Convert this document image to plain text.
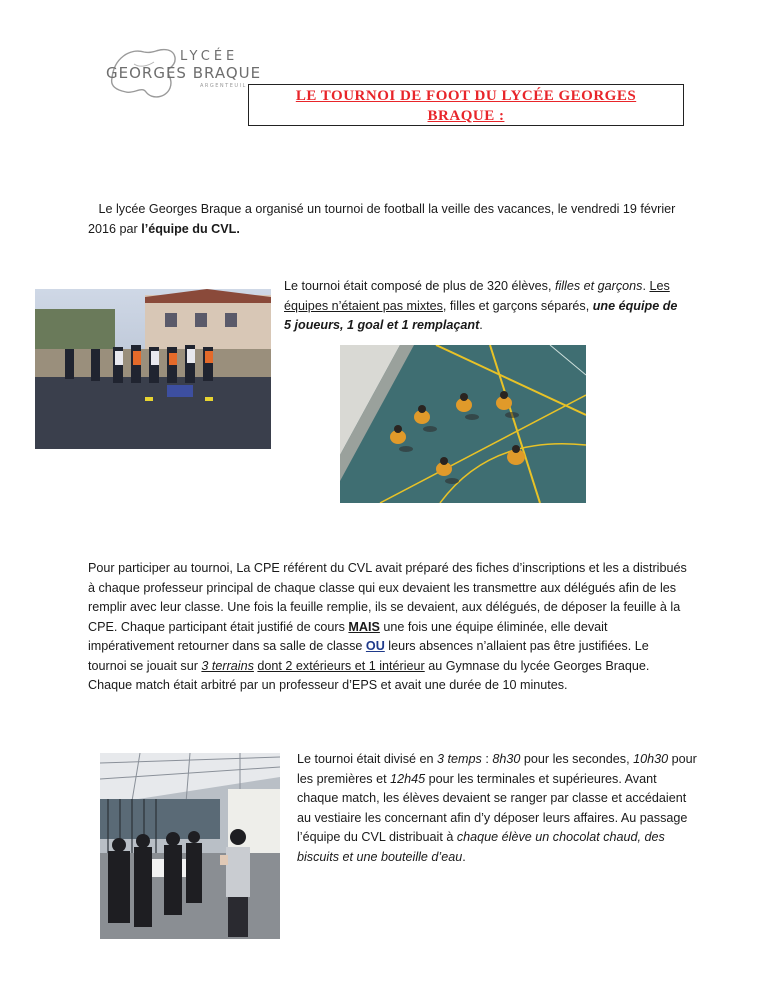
LYCÉE
GEORGES BRAQUE
ARGENTEUIL
LE TOURNOI DE FOOT DU LYCÉE GEORGES
BRAQUE :

Le lycée Georges Braque a organisé un tournoi de football la veille des vacances, le vendredi 19 février 2016 par l’équipe du CVL.

Le tournoi était composé de plus de 320 élèves, filles et garçons. Les équipes n’étaient pas mixtes, filles et garçons séparés, une équipe de 5 joueurs, 1 goal et 1 remplaçant.

Pour participer au tournoi, La CPE référent du CVL avait préparé des fiches d’inscriptions et les a distribués à chaque professeur principal de chaque classe qui eux devaient les transmettre aux délégués afin de les remplir avec leur classe. Une fois la feuille remplie, ils se devaient, aux délégués, de déposer la feuille à la CPE. Chaque participant était justifié de cours MAIS une fois une équipe éliminée, elle devait impérativement retourner dans sa salle de classe OU leurs absences n’allaient pas être justifiées. Le tournoi se jouait sur 3 terrains dont 2 extérieurs et 1 intérieur au Gymnase du lycée Georges Braque. Chaque match était arbitré par un professeur d’EPS et avait une durée de 10 minutes.

Le tournoi était divisé en 3 temps : 8h30 pour les secondes, 10h30 pour les premières et 12h45 pour les terminales et supérieures. Avant chaque match, les élèves devaient se ranger par classe et accédaient au vestiaire les concernant afin d’y déposer leurs affaires. Au passage l’équipe du CVL distribuait à chaque élève un chocolat chaud, des biscuits et une bouteille d’eau.
